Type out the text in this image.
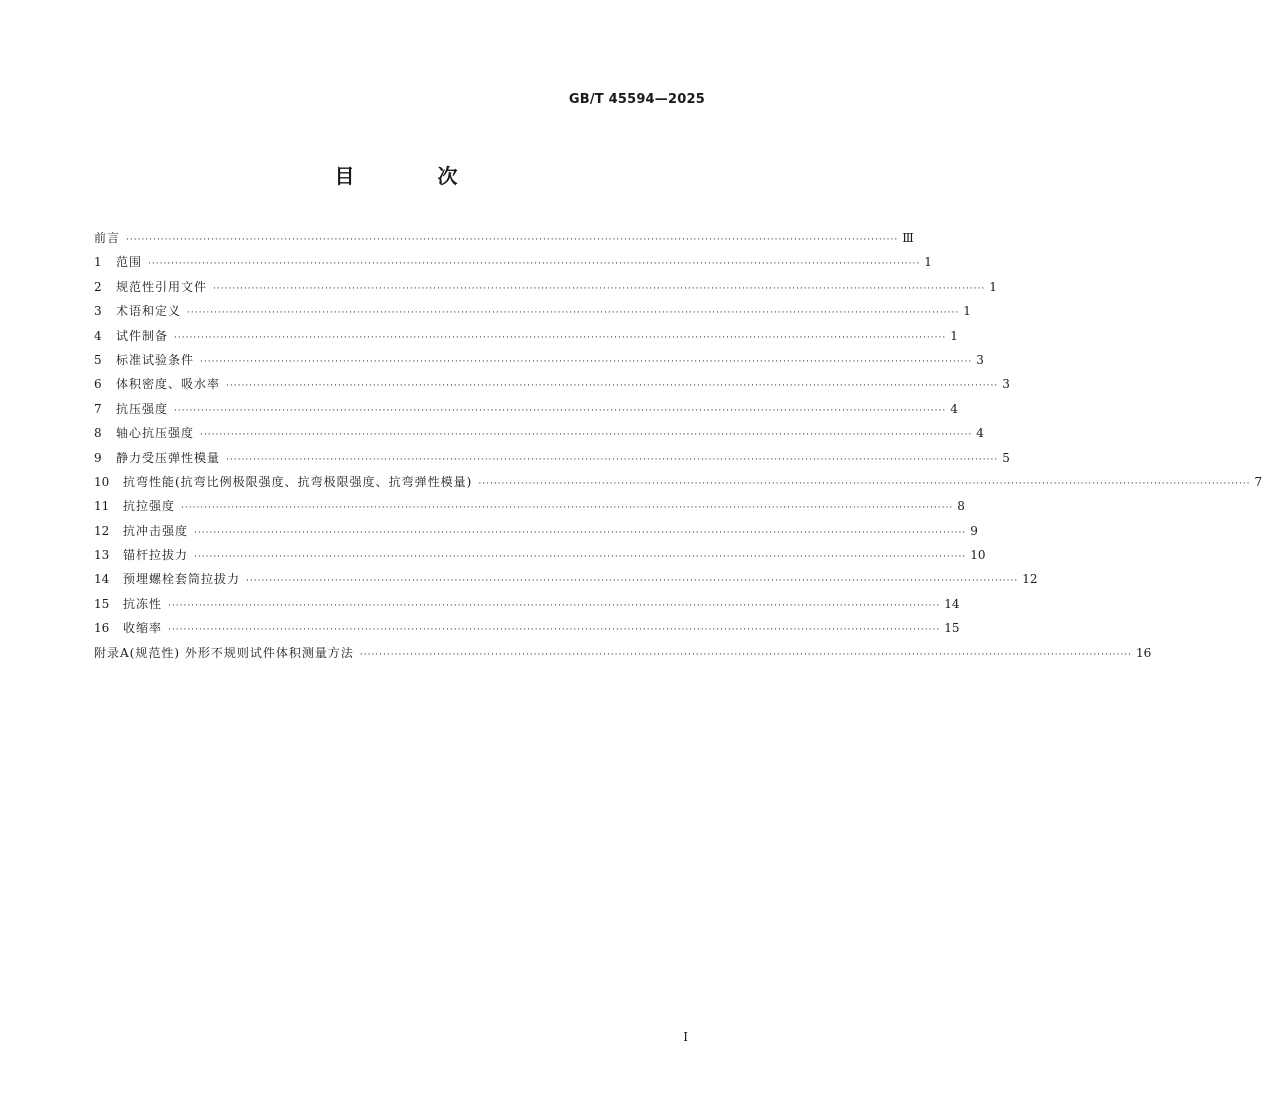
GB/T 45594—2025
目 次
前言 ········································································································································································································ Ⅲ
1	范围 ········································································································································································································ 1
2	规范性引用文件 ········································································································································································································ 1
3	术语和定义 ········································································································································································································ 1
4	试件制备 ········································································································································································································ 1
5	标准试验条件 ········································································································································································································ 3
6	体积密度、吸水率 ········································································································································································································ 3
7	抗压强度 ········································································································································································································ 4
8	轴心抗压强度 ········································································································································································································ 4
9	静力受压弹性模量 ········································································································································································································ 5
10	抗弯性能(抗弯比例极限强度、抗弯极限强度、抗弯弹性模量) ········································································································································································································ 7
11	抗拉强度 ········································································································································································································ 8
12	抗冲击强度 ········································································································································································································ 9
13	锚杆拉拔力 ········································································································································································································ 10
14	预埋螺栓套筒拉拔力 ········································································································································································································ 12
15	抗冻性 ········································································································································································································ 14
16	收缩率 ········································································································································································································ 15
附录A(规范性) 外形不规则试件体积测量方法 ········································································································································································································ 16
I
